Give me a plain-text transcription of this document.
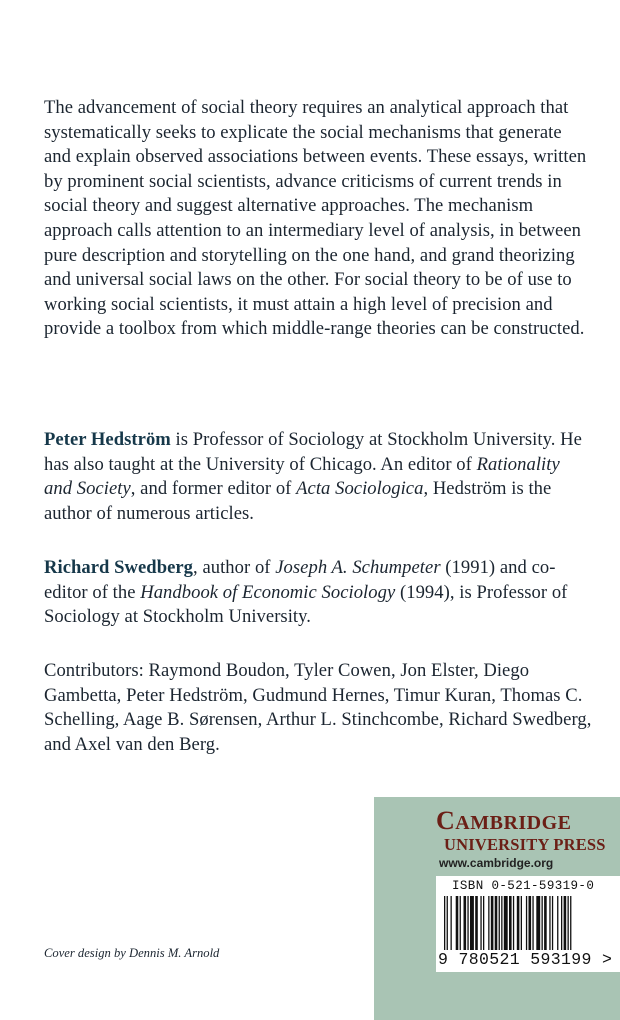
The advancement of social theory requires an analytical approach that systematically seeks to explicate the social mechanisms that generate and explain observed associations between events. These essays, written by prominent social scientists, advance criticisms of current trends in social theory and suggest alternative approaches. The mechanism approach calls attention to an intermediary level of analysis, in between pure description and storytelling on the one hand, and grand theorizing and universal social laws on the other. For social theory to be of use to working social scientists, it must attain a high level of precision and provide a toolbox from which middle-range theories can be constructed.

Peter Hedström is Professor of Sociology at Stockholm University. He has also taught at the University of Chicago. An editor of Rationality and Society, and former editor of Acta Sociologica, Hedström is the author of numerous articles.

Richard Swedberg, author of Joseph A. Schumpeter (1991) and co-editor of the Handbook of Economic Sociology (1994), is Professor of Sociology at Stockholm University.

Contributors: Raymond Boudon, Tyler Cowen, Jon Elster, Diego Gambetta, Peter Hedström, Gudmund Hernes, Timur Kuran, Thomas C. Schelling, Aage B. Sørensen, Arthur L. Stinchcombe, Richard Swedberg, and Axel van den Berg.

Cover design by Dennis M. Arnold
CAMBRIDGE
UNIVERSITY PRESS
www.cambridge.org
ISBN 0-521-59319-0
9 780521 593199 >
